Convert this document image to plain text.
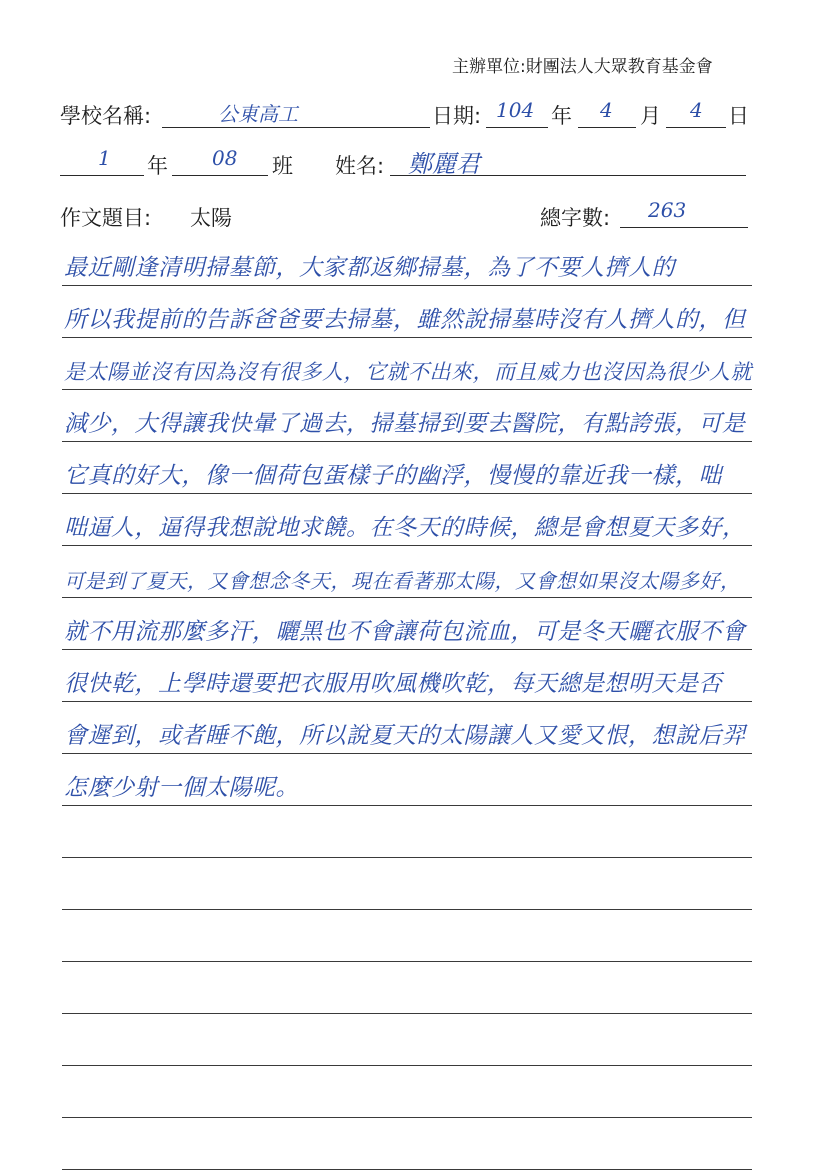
主辦單位:財團法人大眾教育基金會
學校名稱:	公東高工	日期: 104 年 4 月 4 日
1 年 08 班 姓名: 鄭麗君
作文題目: 太陽	總字數: 263
最近剛逢清明掃墓節，大家都返鄉掃墓，為了不要人擠人的
所以我提前的告訴爸爸要去掃墓，雖然說掃墓時沒有人擠人的，但
是太陽並沒有因為沒有很多人，它就不出來，而且威力也沒因為很少人就
減少，大得讓我快暈了過去，掃墓掃到要去醫院，有點誇張，可是
它真的好大，像一個荷包蛋樣子的幽浮，慢慢的靠近我一樣，咄
咄逼人，逼得我想說地求饒。在冬天的時候，總是會想夏天多好，
可是到了夏天，又會想念冬天，現在看著那太陽，又會想如果沒太陽多好，
就不用流那麼多汗，曬黑也不會讓荷包流血，可是冬天曬衣服不會
很快乾，上學時還要把衣服用吹風機吹乾，每天總是想明天是否
會遲到，或者睡不飽，所以說夏天的太陽讓人又愛又恨，想說后羿
怎麼少射一個太陽呢。
